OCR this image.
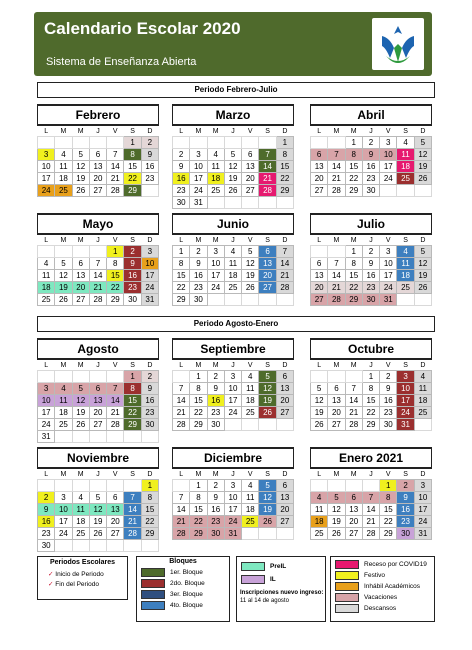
Calendario Escolar 2020
Sistema de Enseñanza Abierta
Periodo Febrero-Julio
Periodo Agosto-Enero
Febrero
L	M	M	J	V	S	D
					1	2
3	4	5	6	7	8	9
10	11	12	13	14	15	16
17	18	19	20	21	22	23
24	25	26	27	28	29	
Marzo
L	M	M	J	V	S	D
						1
2	3	4	5	6	7	8
9	10	11	12	13	14	15
16	17	18	19	20	21	22
23	24	25	26	27	28	29
30	31					
Abril
L	M	M	J	V	S	D
		1	2	3	4	5
6	7	8	9	10	11	12
13	14	15	16	17	18	19
20	21	22	23	24	25	26
27	28	29	30			
Mayo
L	M	M	J	V	S	D
				1	2	3
4	5	6	7	8	9	10
11	12	13	14	15	16	17
18	19	20	21	22	23	24
25	26	27	28	29	30	31
Junio
L	M	M	J	V	S	D
1	2	3	4	5	6	7
8	9	10	11	12	13	14
15	16	17	18	19	20	21
22	23	24	25	26	27	28
29	30					
Julio
L	M	M	J	V	S	D
		1	2	3	4	5
6	7	8	9	10	11	12
13	14	15	16	17	18	19
20	21	22	23	24	25	26
27	28	29	30	31		
Agosto
L	M	M	J	V	S	D
					1	2
3	4	5	6	7	8	9
10	11	12	13	14	15	16
17	18	19	20	21	22	23
24	25	26	27	28	29	30
31						
Septiembre
L	M	M	J	V	S	D
	1	2	3	4	5	6
7	8	9	10	11	12	13
14	15	16	17	18	19	20
21	22	23	24	25	26	27
28	29	30				
Octubre
L	M	M	J	V	S	D
			1	2	3	4
5	6	7	8	9	10	11
12	13	14	15	16	17	18
19	20	21	22	23	24	25
26	27	28	29	30	31	
Noviembre
L	M	M	J	V	S	D
						1
2	3	4	5	6	7	8
9	10	11	12	13	14	15
16	17	18	19	20	21	22
23	24	25	26	27	28	29
30						
Diciembre
L	M	M	J	V	S	D
	1	2	3	4	5	6
7	8	9	10	11	12	13
14	15	16	17	18	19	20
21	22	23	24	25	26	27
28	29	30	31			
Enero 2021
L	M	M	J	V	S	D
				1	2	3
4	5	6	7	8	9	10
11	12	13	14	15	16	17
18	19	20	21	22	23	24
25	26	27	28	29	30	31
Periodos Escolares
✓ Inicio de Periodo
✓ Fin del Periodo
Bloques
1er. Bloque
2do. Bloque
3er. Bloque
4to. Bloque
PreIL
IL
Inscripciones nuevo ingreso:
11 al 14 de agosto
Receso por COVID19
Festivo
Inhábil Académicos
Vacaciones
Descansos
